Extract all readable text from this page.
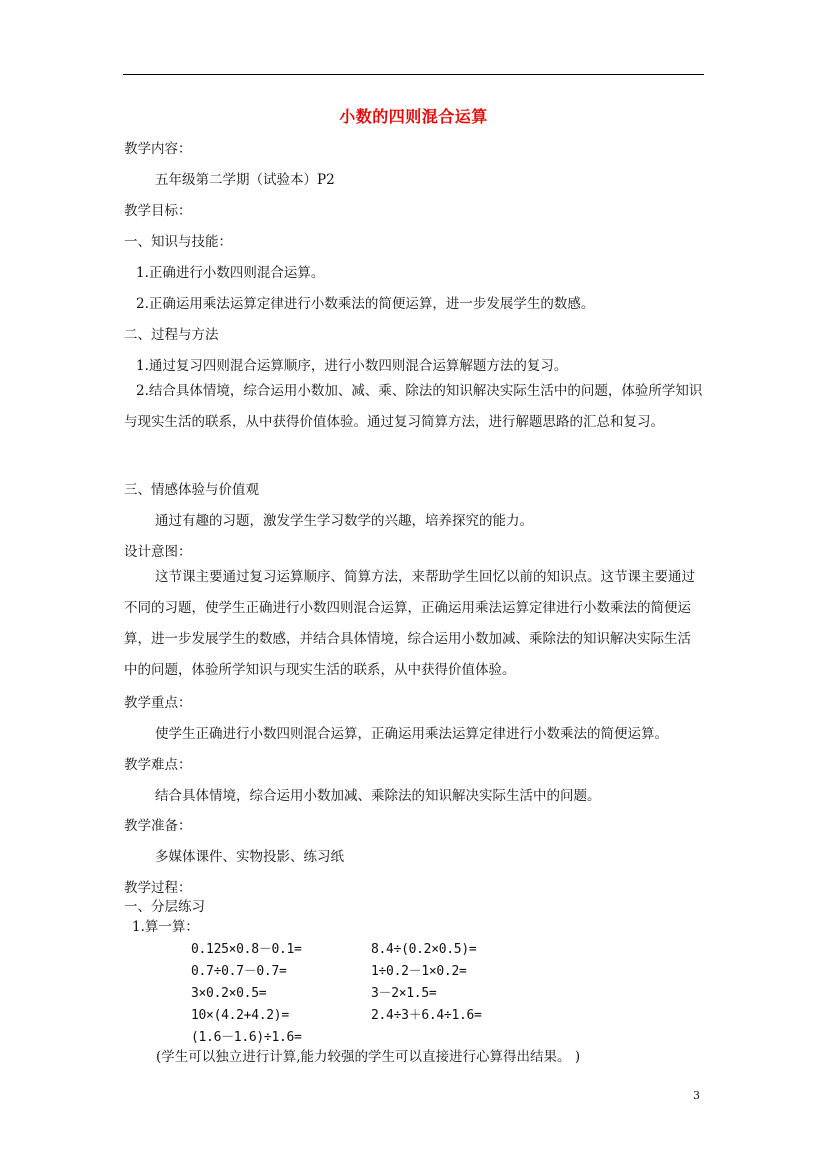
小数的四则混合运算
教学内容：
五年级第二学期（试验本）P2
教学目标：
一、知识与技能：
1.正确进行小数四则混合运算。
2.正确运用乘法运算定律进行小数乘法的简便运算，进一步发展学生的数感。
二、过程与方法
1.通过复习四则混合运算顺序，进行小数四则混合运算解题方法的复习。
2.结合具体情境，综合运用小数加、减、乘、除法的知识解决实际生活中的问题，体验所学知识与现实生活的联系，从中获得价值体验。通过复习简算方法，进行解题思路的汇总和复习。
三、情感体验与价值观
通过有趣的习题，激发学生学习数学的兴趣，培养探究的能力。
设计意图：
这节课主要通过复习运算顺序、简算方法，来帮助学生回忆以前的知识点。这节课主要通过不同的习题，使学生正确进行小数四则混合运算，正确运用乘法运算定律进行小数乘法的简便运算，进一步发展学生的数感，并结合具体情境，综合运用小数加减、乘除法的知识解决实际生活中的问题，体验所学知识与现实生活的联系，从中获得价值体验。
教学重点：
使学生正确进行小数四则混合运算，正确运用乘法运算定律进行小数乘法的简便运算。
教学难点：
结合具体情境，综合运用小数加减、乘除法的知识解决实际生活中的问题。
教学准备：
多媒体课件、实物投影、练习纸
教学过程：
一、分层练习
1.算一算：
0.125×0.8－0.1=	8.4÷(0.2×0.5)=
0.7÷0.7－0.7=	1÷0.2－1×0.2=
3×0.2×0.5=	3－2×1.5=
10×(4.2+4.2)=	2.4÷3＋6.4÷1.6=
(1.6－1.6)÷1.6=
(学生可以独立进行计算,能力较强的学生可以直接进行心算得出结果。 )
3
